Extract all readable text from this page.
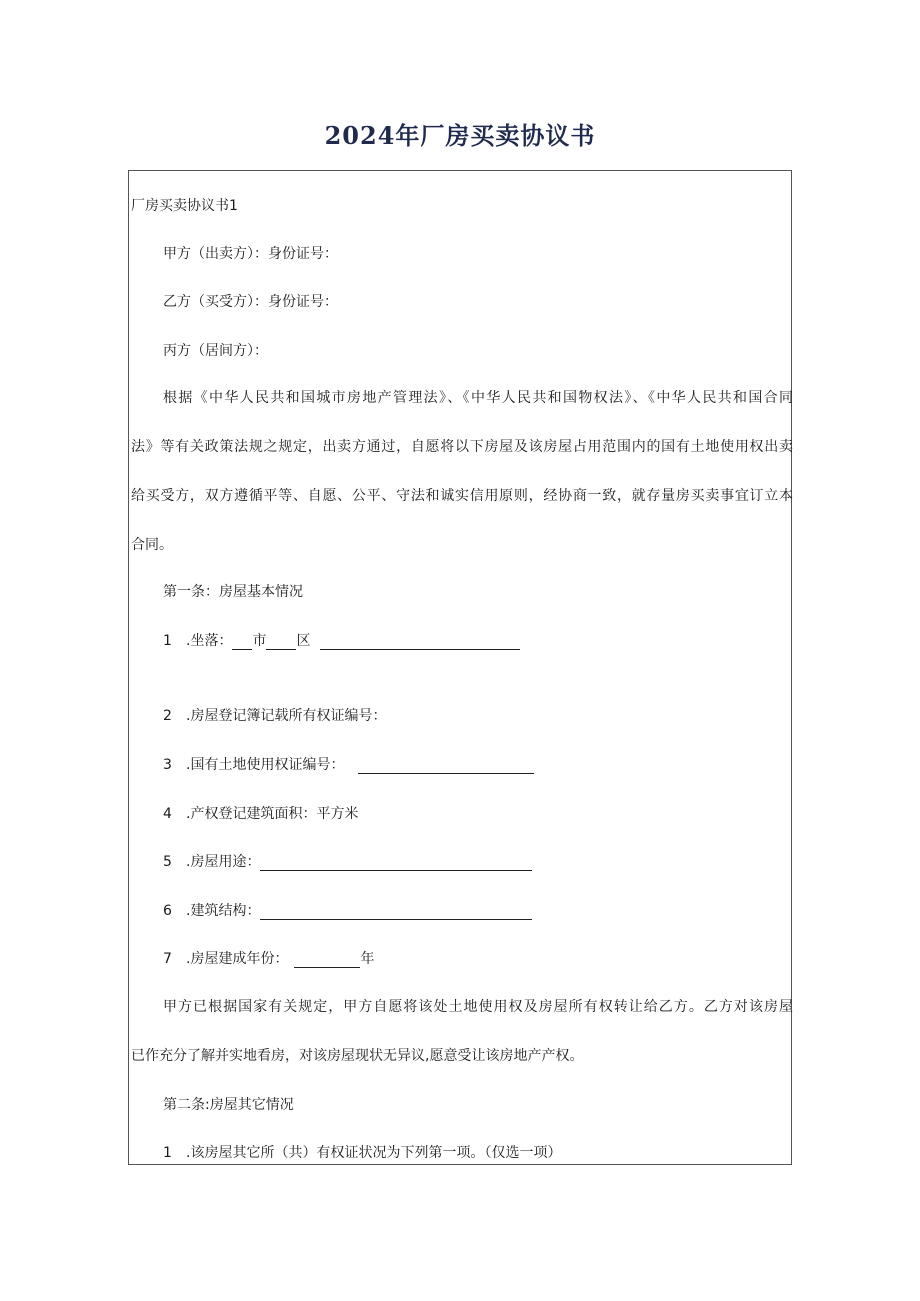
2024年厂房买卖协议书
厂房买卖协议书1
甲方（出卖方）：身份证号：
乙方（买受方）：身份证号：
丙方（居间方）：
根据《中华人民共和国城市房地产管理法》、《中华人民共和国物权法》、《中华人民共和国合同
法》等有关政策法规之规定，出卖方通过，自愿将以下房屋及该房屋占用范围内的国有土地使用权出卖
给买受方，双方遵循平等、自愿、公平、守法和诚实信用原则，经协商一致，就存量房买卖事宜订立本
合同。
第一条：房屋基本情况
1 .坐落： 市 区
2 .房屋登记簿记载所有权证编号：
3 .国有土地使用权证编号：
4 .产权登记建筑面积：平方米
5 .房屋用途：
6 .建筑结构：
7 .房屋建成年份：	年
甲方已根据国家有关规定，甲方自愿将该处土地使用权及房屋所有权转让给乙方。乙方对该房屋
已作充分了解并实地看房，对该房屋现状无异议,愿意受让该房地产产权。
第二条:房屋其它情况
1 .该房屋其它所（共）有权证状况为下列第一项。（仅选一项）
